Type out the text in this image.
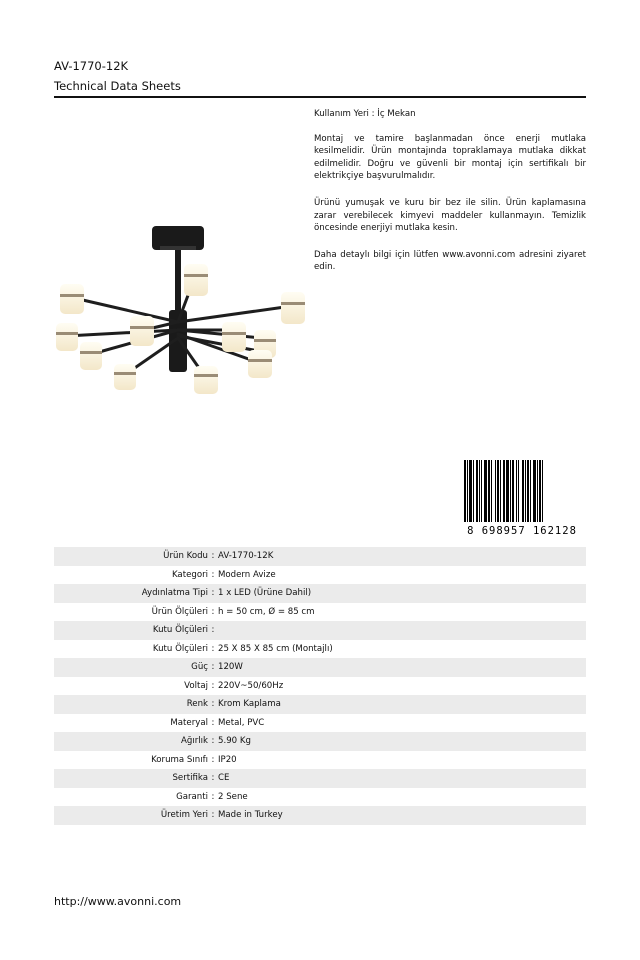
AV-1770-12K
Technical Data Sheets

Kullanım Yeri : İç Mekan

Montaj ve tamire başlanmadan önce enerji mutlaka kesilmelidir. Ürün montajında topraklamaya mutlaka dikkat edilmelidir. Doğru ve güvenli bir montaj için sertifikalı bir elektrikçiye başvurulmalıdır.

Ürünü yumuşak ve kuru bir bez ile silin. Ürün kaplamasına zarar verebilecek kimyevi maddeler kullanmayın. Temizlik öncesinde enerjiyi mutlaka kesin.

Daha detaylı bilgi için lütfen www.avonni.com adresini ziyaret edin.

8 698957 162128
Ürün Kodu : AV-1770-12K
Kategori : Modern Avize
Aydınlatma Tipi : 1 x LED (Ürüne Dahil)
Ürün Ölçüleri : h = 50 cm, Ø = 85 cm
Kutu Ölçüleri :
Kutu Ölçüleri : 25 X 85 X 85 cm (Montajlı)
Güç : 120W
Voltaj : 220V~50/60Hz
Renk : Krom Kaplama
Materyal : Metal, PVC
Ağırlık : 5.90 Kg
Koruma Sınıfı : IP20
Sertifika : CE
Garanti : 2 Sene
Üretim Yeri : Made in Turkey
http://www.avonni.com
